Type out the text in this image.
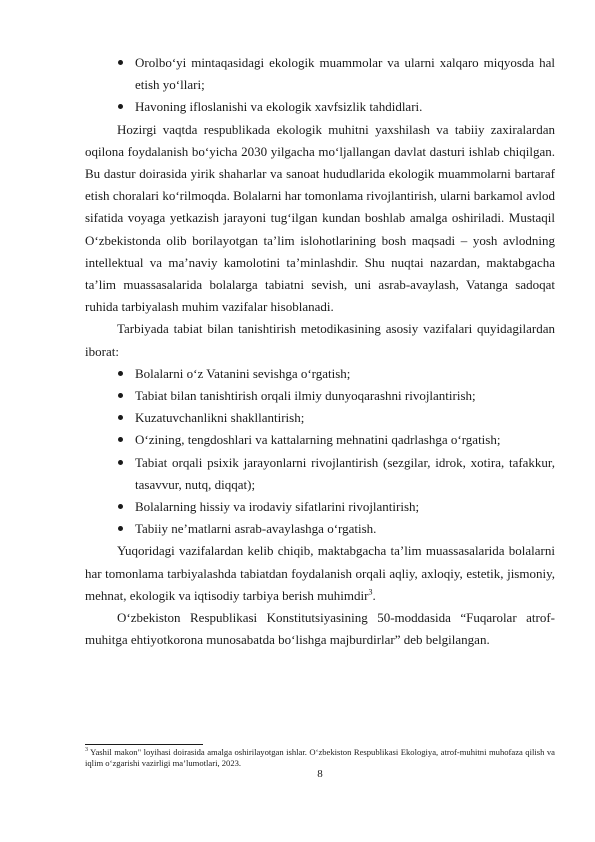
Orolbo‘yi mintaqasidagi ekologik muammolar va ularni xalqaro miqyosda hal etish yo‘llari;

Havoning ifloslanishi va ekologik xavfsizlik tahdidlari.

Hozirgi vaqtda respublikada ekologik muhitni yaxshilash va tabiiy zaxiralardan oqilona foydalanish bo‘yicha 2030 yilgacha mo‘ljallangan davlat dasturi ishlab chiqilgan. Bu dastur doirasida yirik shaharlar va sanoat hududlarida ekologik muammolarni bartaraf etish choralari ko‘rilmoqda. Bolalarni har tomonlama rivojlantirish, ularni barkamol avlod sifatida voyaga yetkazish jarayoni tug‘ilgan kundan boshlab amalga oshiriladi. Mustaqil O‘zbekistonda olib borilayotgan ta’lim islohotlarining bosh maqsadi – yosh avlodning intellektual va ma’naviy kamolotini ta’minlashdir. Shu nuqtai nazardan, maktabgacha ta’lim muassasalarida bolalarga tabiatni sevish, uni asrab-avaylash, Vatanga sadoqat ruhida tarbiyalash muhim vazifalar hisoblanadi.

Tarbiyada tabiat bilan tanishtirish metodikasining asosiy vazifalari quyidagilardan iborat:

Bolalarni o‘z Vatanini sevishga o‘rgatish;

Tabiat bilan tanishtirish orqali ilmiy dunyoqarashni rivojlantirish;

Kuzatuvchanlikni shakllantirish;

O‘zining, tengdoshlari va kattalarning mehnatini qadrlashga o‘rgatish;

Tabiat orqali psixik jarayonlarni rivojlantirish (sezgilar, idrok, xotira, tafakkur, tasavvur, nutq, diqqat);

Bolalarning hissiy va irodaviy sifatlarini rivojlantirish;

Tabiiy ne’matlarni asrab-avaylashga o‘rgatish.

Yuqoridagi vazifalardan kelib chiqib, maktabgacha ta’lim muassasalarida bolalarni har tomonlama tarbiyalashda tabiatdan foydalanish orqali aqliy, axloqiy, estetik, jismoniy, mehnat, ekologik va iqtisodiy tarbiya berish muhimdir$^3$.

O‘zbekiston Respublikasi Konstitutsiyasining 50-moddasida “Fuqarolar atrof-muhitga ehtiyotkorona munosabatda bo‘lishga majburdirlar” deb belgilangan.

$^3$ Yashil makon" loyihasi doirasida amalga oshirilayotgan ishlar. O‘zbekiston Respublikasi Ekologiya, atrof-muhitni muhofaza qilish va iqlim o‘zgarishi vazirligi ma’lumotlari, 2023.
8
